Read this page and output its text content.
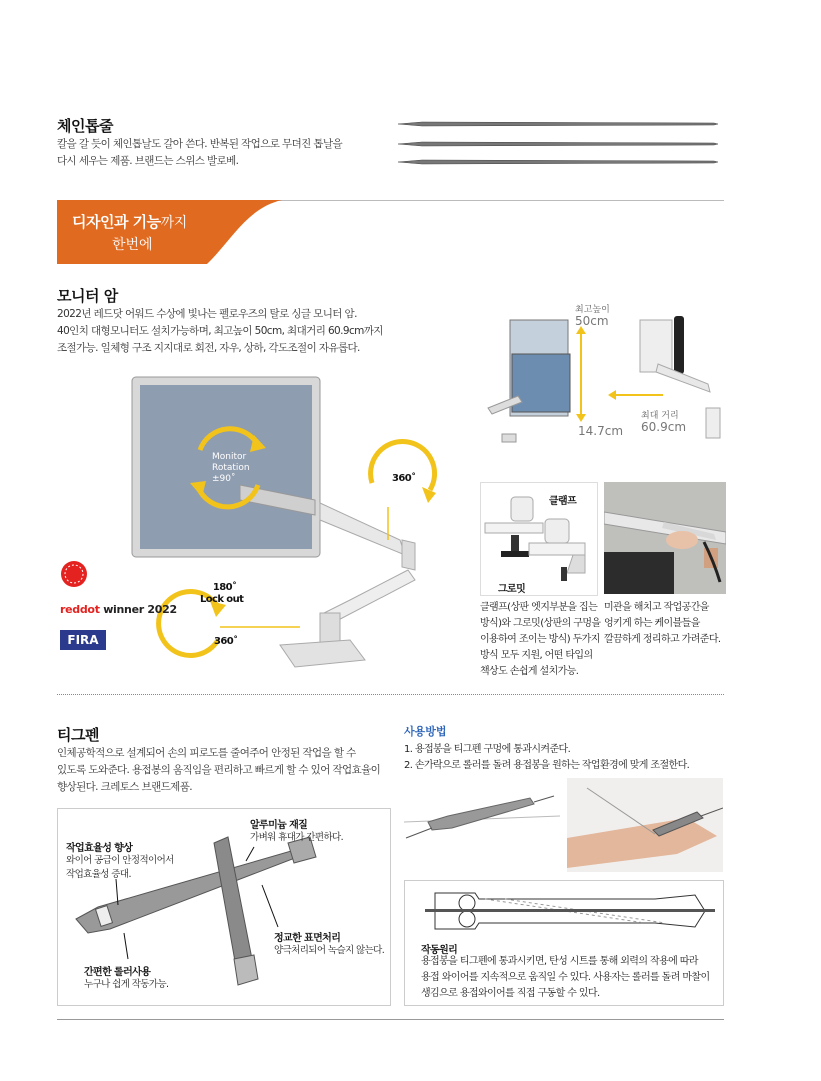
체인톱줄
칼을 갈 듯이 체인톱날도 갈아 쓴다. 반복된 작업으로 무뎌진 톱날을
다시 세우는 제품. 브랜드는 스위스 발로베.
디자인과 기능까지
한번에
모니터 암
2022년 레드닷 어워드 수상에 빛나는 펠로우즈의 탈로 싱글 모니터 암.
40인치 대형모니터도 설치가능하며, 최고높이 50cm, 최대거리 60.9cm까지
조절가능. 일체형 구조 지지대로 회전, 자우, 상하, 각도조절이 자유롭다.
Monitor
Rotation
±90˚	360˚
180˚
Lock out
360˚
reddot winner 2022
FIRA
최고높이
50cm
14.7cm
최대 거리
60.9cm
클램프
그로밋
클램프(상판 엣지부분을 집는
방식)와 그로밋(상판의 구멍을
이용하여 조이는 방식) 두가지
방식 모두 지원, 어떤 타입의
책상도 손쉽게 설치가능.
미관을 해치고 작업공간을
엉키게 하는 케이블들을
깔끔하게 정리하고 가려준다.
티그펜
인체공학적으로 설계되어 손의 피로도를 줄여주어 안정된 작업을 할 수
있도록 도와준다. 용접봉의 움직임을 편리하고 빠르게 할 수 있어 작업효율이
향상된다. 크레토스 브랜드제품.
작업효율성 향상
와이어 공급이 안정적이어서
작업효율성 증대.
알루미늄 재질
가벼워 휴대가 간편하다.
정교한 표면처리
양극처리되어 녹슬지 않는다.
간편한 롤러사용
누구나 쉽게 작동가능.
사용방법
1. 용접봉을 티그펜 구멍에 통과시켜준다.
2. 손가락으로 롤러를 돌려 용접봉을 원하는 작업환경에 맞게 조절한다.
작동원리
용접봉을 티그펜에 통과시키면, 탄성 시트를 통해 외력의 작용에 따라
용접 와이어를 지속적으로 움직일 수 있다. 사용자는 롤러를 돌려 마찰이
생김으로 용접와이어를 직접 구동할 수 있다.
